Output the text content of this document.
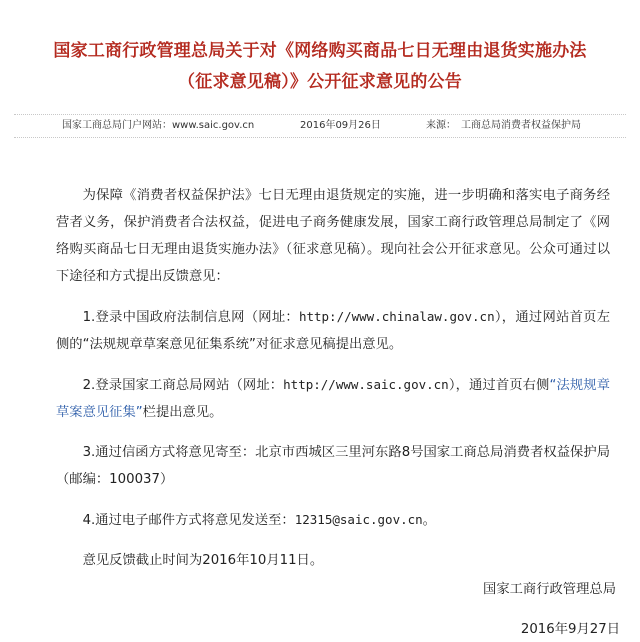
国家工商行政管理总局关于对《网络购买商品七日无理由退货实施办法
（征求意见稿）》公开征求意见的公告
国家工商总局门户网站：www.saic.gov.cn	2016年09月26日	来源：　工商总局消费者权益保护局

为保障《消费者权益保护法》七日无理由退货规定的实施，进一步明确和落实电子商务经营者义务，保护消费者合法权益，促进电子商务健康发展，国家工商行政管理总局制定了《网络购买商品七日无理由退货实施办法》（征求意见稿）。现向社会公开征求意见。公众可通过以下途径和方式提出反馈意见：

1.登录中国政府法制信息网（网址：http://www.chinalaw.gov.cn），通过网站首页左侧的“法规规章草案意见征集系统”对征求意见稿提出意见。

2.登录国家工商总局网站（网址：http://www.saic.gov.cn），通过首页右侧“法规规章草案意见征集”栏提出意见。

3.通过信函方式将意见寄至：北京市西城区三里河东路8号国家工商总局消费者权益保护局（邮编：100037）

4.通过电子邮件方式将意见发送至：12315@saic.gov.cn。

意见反馈截止时间为2016年10月11日。

国家工商行政管理总局
2016年9月27日
